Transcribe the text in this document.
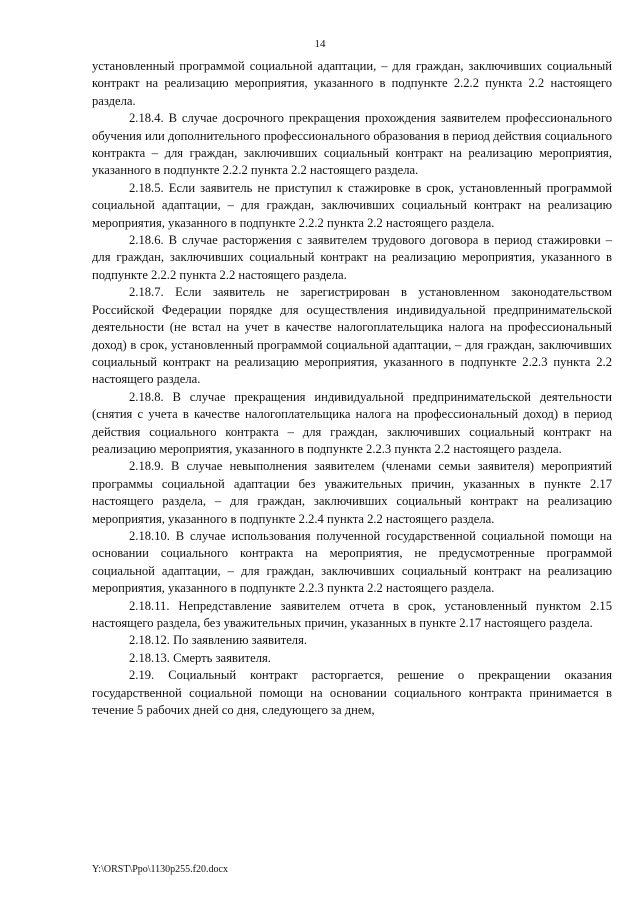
14

установленный программой социальной адаптации, – для граждан, заключивших социальный контракт на реализацию мероприятия, указанного в подпункте 2.2.2 пункта 2.2 настоящего раздела.

2.18.4. В случае досрочного прекращения прохождения заявителем профессионального обучения или дополнительного профессионального образования в период действия социального контракта – для граждан, заключивших социальный контракт на реализацию мероприятия, указанного в подпункте 2.2.2 пункта 2.2 настоящего раздела.

2.18.5. Если заявитель не приступил к стажировке в срок, установленный программой социальной адаптации, – для граждан, заключивших социальный контракт на реализацию мероприятия, указанного в подпункте 2.2.2 пункта 2.2 настоящего раздела.

2.18.6. В случае расторжения с заявителем трудового договора в период стажировки – для граждан, заключивших социальный контракт на реализацию мероприятия, указанного в подпункте 2.2.2 пункта 2.2 настоящего раздела.

2.18.7. Если заявитель не зарегистрирован в установленном законодательством Российской Федерации порядке для осуществления индивидуальной предпринимательской деятельности (не встал на учет в качестве налогоплательщика налога на профессиональный доход) в срок, установленный программой социальной адаптации, – для граждан, заключивших социальный контракт на реализацию мероприятия, указанного в подпункте 2.2.3 пункта 2.2 настоящего раздела.

2.18.8. В случае прекращения индивидуальной предпринимательской деятельности (снятия с учета в качестве налогоплательщика налога на профессиональный доход) в период действия социального контракта – для граждан, заключивших социальный контракт на реализацию мероприятия, указанного в подпункте 2.2.3 пункта 2.2 настоящего раздела.

2.18.9. В случае невыполнения заявителем (членами семьи заявителя) мероприятий программы социальной адаптации без уважительных причин, указанных в пункте 2.17 настоящего раздела, – для граждан, заключивших социальный контракт на реализацию мероприятия, указанного в подпункте 2.2.4 пункта 2.2 настоящего раздела.

2.18.10. В случае использования полученной государственной социальной помощи на основании социального контракта на мероприятия, не предусмотренные программой социальной адаптации, – для граждан, заключивших социальный контракт на реализацию мероприятия, указанного в подпункте 2.2.3 пункта 2.2 настоящего раздела.

2.18.11. Непредставление заявителем отчета в срок, установленный пунктом 2.15 настоящего раздела, без уважительных причин, указанных в пункте 2.17 настоящего раздела.

2.18.12. По заявлению заявителя.

2.18.13. Смерть заявителя.

2.19. Социальный контракт расторгается, решение о прекращении оказания государственной социальной помощи на основании социального контракта принимается в течение 5 рабочих дней со дня, следующего за днем,

Y:\ORST\Ppo\1130p255.f20.docx
